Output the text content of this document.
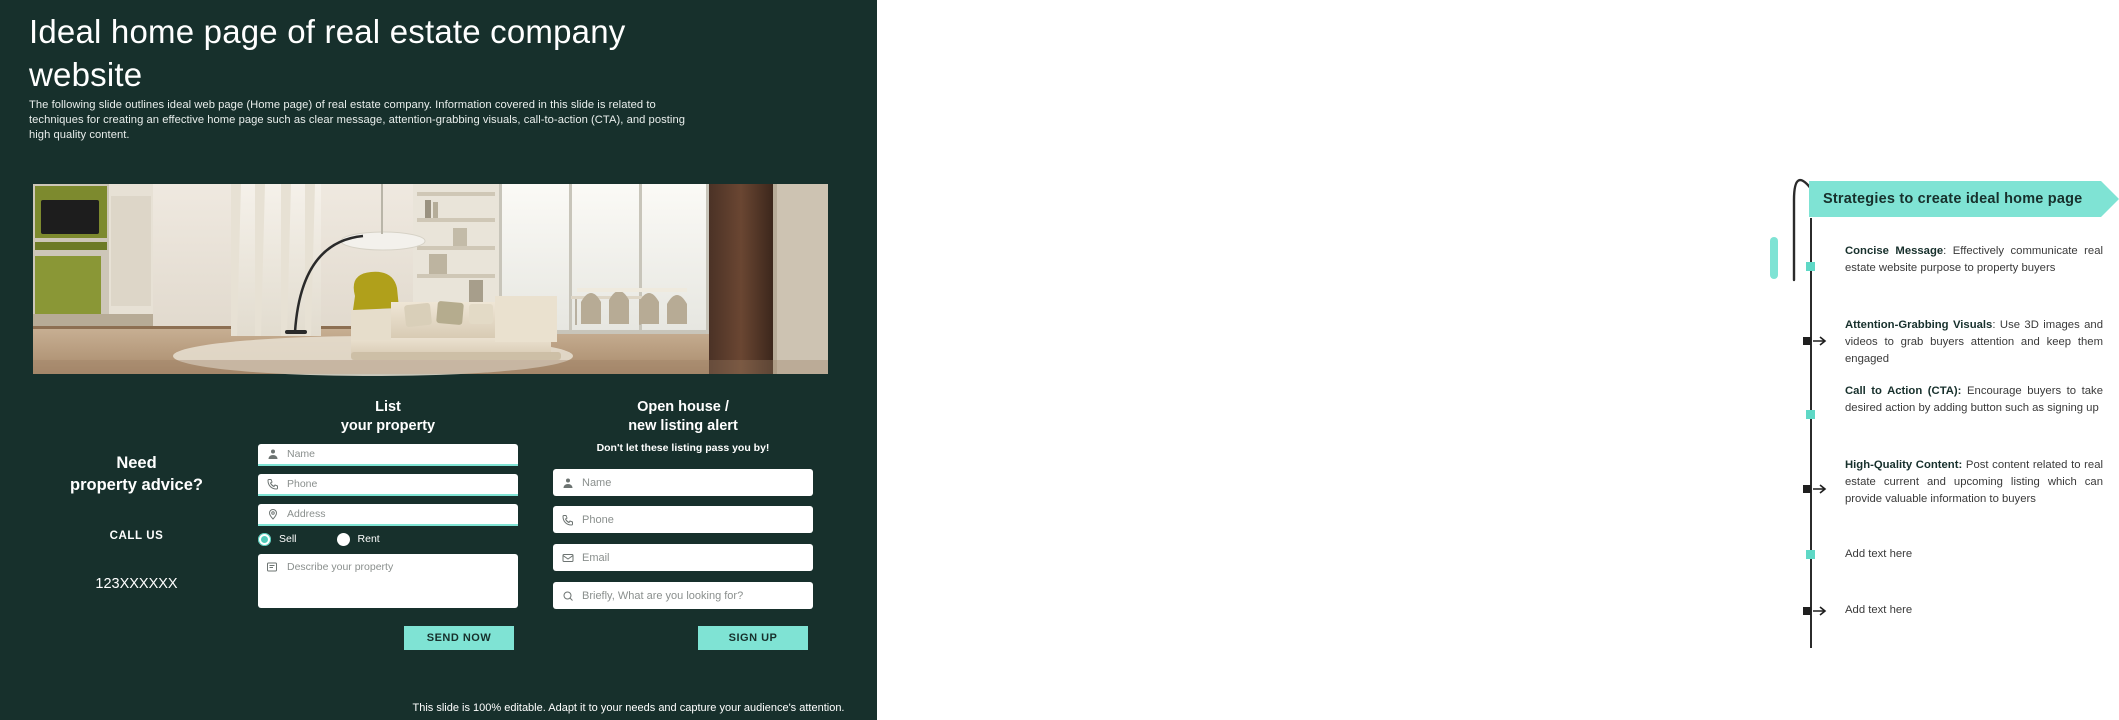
Ideal home page of real estate company website
The following slide outlines ideal web page (Home page) of real estate company. Information covered in this slide is related to techniques for creating an effective home page such as clear message, attention-grabbing visuals, call-to-action (CTA), and posting high quality content.
Need
property advice?
CALL US
123XXXXXX
List
your property
Name
Phone
Address
Sell	Rent
Describe your property
SEND NOW
Open house /
new listing alert
Don't let these listing pass you by!
Name
Phone
Email
Briefly, What are you looking for?
SIGN UP
This slide is 100% editable. Adapt it to your needs and capture your audience's attention.
Strategies to create ideal home page
Concise Message: Effectively communicate real estate website purpose to property buyers
Attention-Grabbing Visuals: Use 3D images and videos to grab buyers attention and keep them engaged
Call to Action (CTA): Encourage buyers to take desired action by adding button such as signing up
High-Quality Content: Post content related to real estate current and upcoming listing which can provide valuable information to buyers
Add text here
Add text here
